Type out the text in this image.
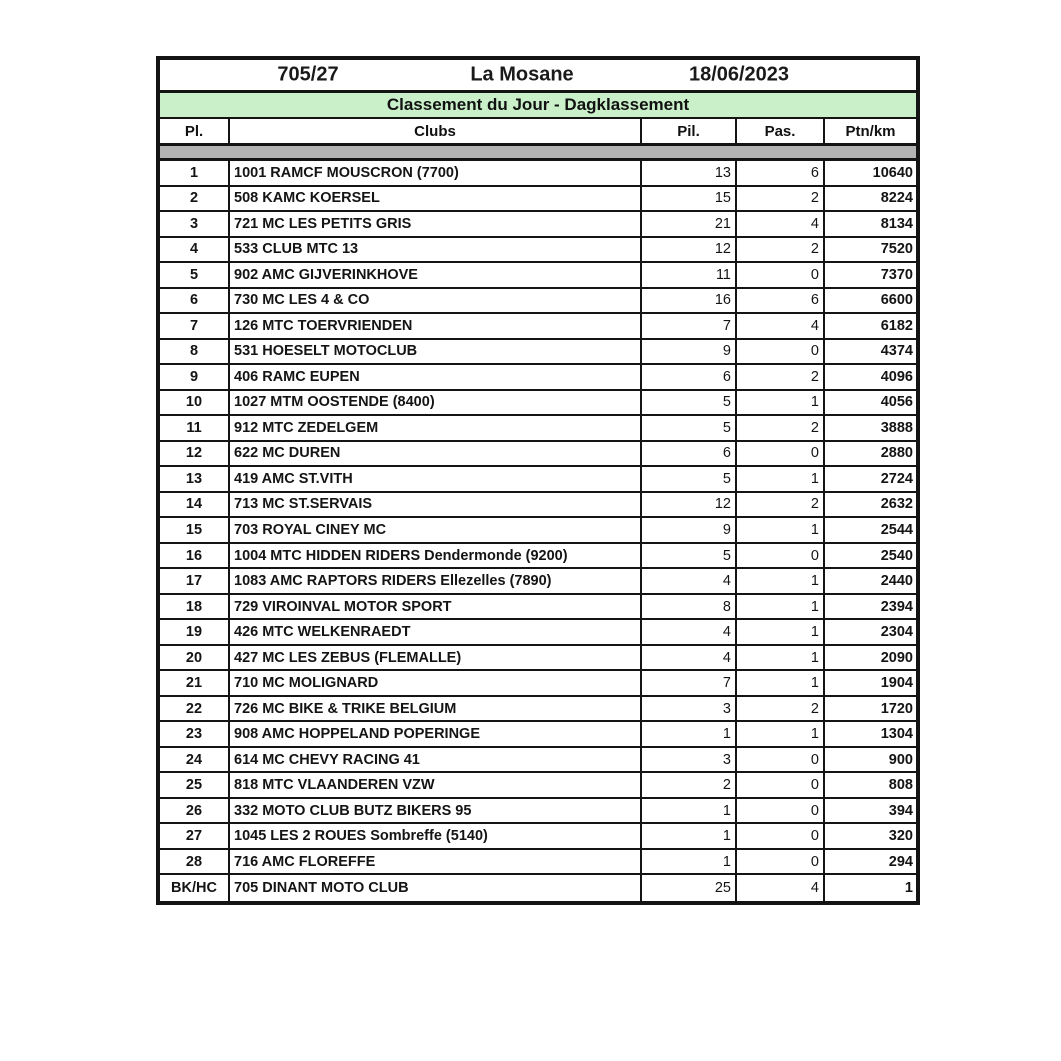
705/27	La Mosane	18/06/2023
Classement du Jour - Dagklassement
Pl.	Clubs	Pil.	Pas.	Ptn/km
1	1001 RAMCF MOUSCRON (7700)	13	6	10640
2	508 KAMC KOERSEL	15	2	8224
3	721 MC LES PETITS GRIS	21	4	8134
4	533 CLUB MTC 13	12	2	7520
5	902 AMC GIJVERINKHOVE	11	0	7370
6	730 MC LES 4 & CO	16	6	6600
7	126 MTC TOERVRIENDEN	7	4	6182
8	531 HOESELT MOTOCLUB	9	0	4374
9	406 RAMC EUPEN	6	2	4096
10	1027 MTM OOSTENDE (8400)	5	1	4056
11	912 MTC ZEDELGEM	5	2	3888
12	622 MC DUREN	6	0	2880
13	419 AMC ST.VITH	5	1	2724
14	713 MC ST.SERVAIS	12	2	2632
15	703 ROYAL CINEY MC	9	1	2544
16	1004 MTC HIDDEN RIDERS Dendermonde (9200)	5	0	2540
17	1083 AMC RAPTORS RIDERS Ellezelles (7890)	4	1	2440
18	729 VIROINVAL MOTOR SPORT	8	1	2394
19	426 MTC WELKENRAEDT	4	1	2304
20	427 MC LES ZEBUS (FLEMALLE)	4	1	2090
21	710 MC MOLIGNARD	7	1	1904
22	726 MC BIKE & TRIKE BELGIUM	3	2	1720
23	908 AMC HOPPELAND POPERINGE	1	1	1304
24	614 MC CHEVY RACING 41	3	0	900
25	818 MTC VLAANDEREN VZW	2	0	808
26	332 MOTO CLUB BUTZ BIKERS 95	1	0	394
27	1045 LES 2 ROUES Sombreffe (5140)	1	0	320
28	716 AMC FLOREFFE	1	0	294
BK/HC	705 DINANT MOTO CLUB	25	4	1
